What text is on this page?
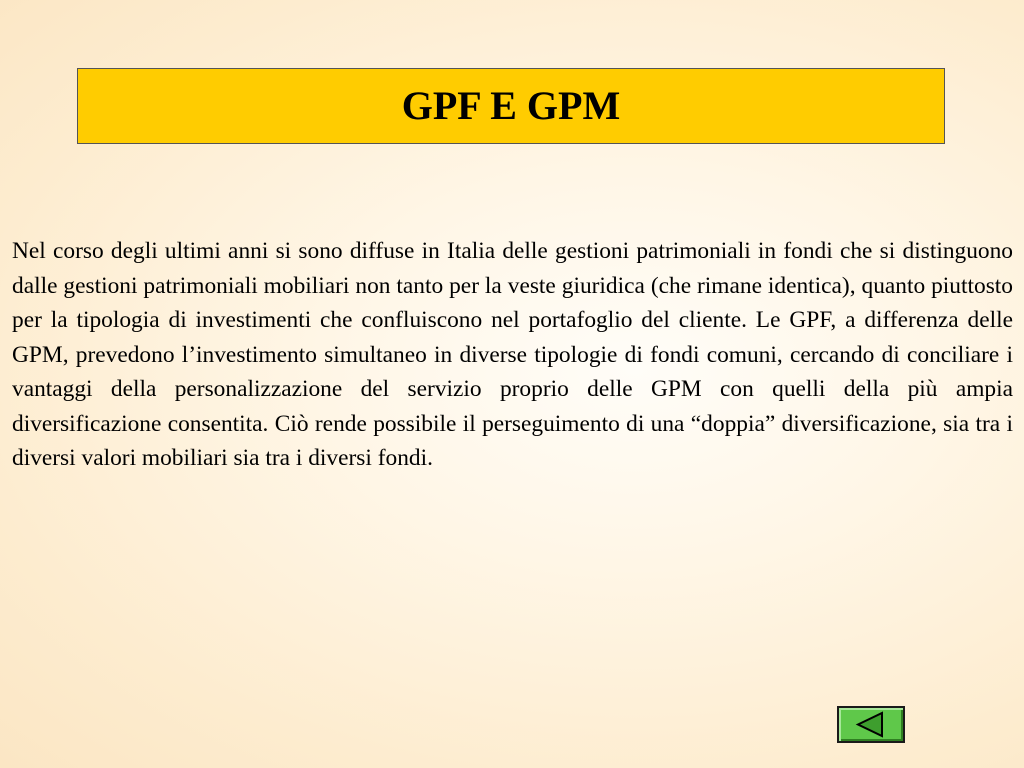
GPF E GPM

Nel corso degli ultimi anni si sono diffuse in Italia delle gestioni patrimoniali in fondi che si distinguono dalle gestioni patrimoniali mobiliari non tanto per la veste giuridica (che rimane identica), quanto piuttosto per la tipologia di investimenti che confluiscono nel portafoglio del cliente. Le GPF, a differenza delle GPM, prevedono l’investimento simultaneo in diverse tipologie di fondi comuni, cercando di conciliare i vantaggi della personalizzazione del servizio proprio delle GPM con quelli della più ampia diversificazione consentita. Ciò rende possibile il perseguimento di una “doppia” diversificazione, sia tra i diversi valori mobiliari sia tra i diversi fondi.
